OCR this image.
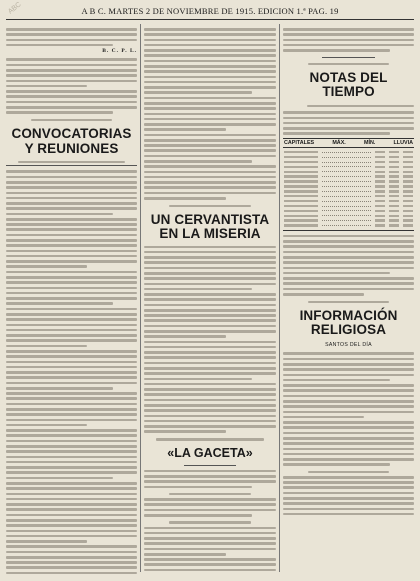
ABC	A B C. MARTES 2 DE NOVIEMBRE DE 1915. EDICION 1.ª PAG. 19
B. C. P. L.
CONVOCATORIAS Y REUNIONES
UN CERVANTISTA EN LA MISERIA
«LA GACETA»
NOTAS DEL TIEMPO
CAPITALES	MÁX.	MÍN.	LLUVIA
INFORMACIÓN RELIGIOSA
SANTOS DEL DÍA
